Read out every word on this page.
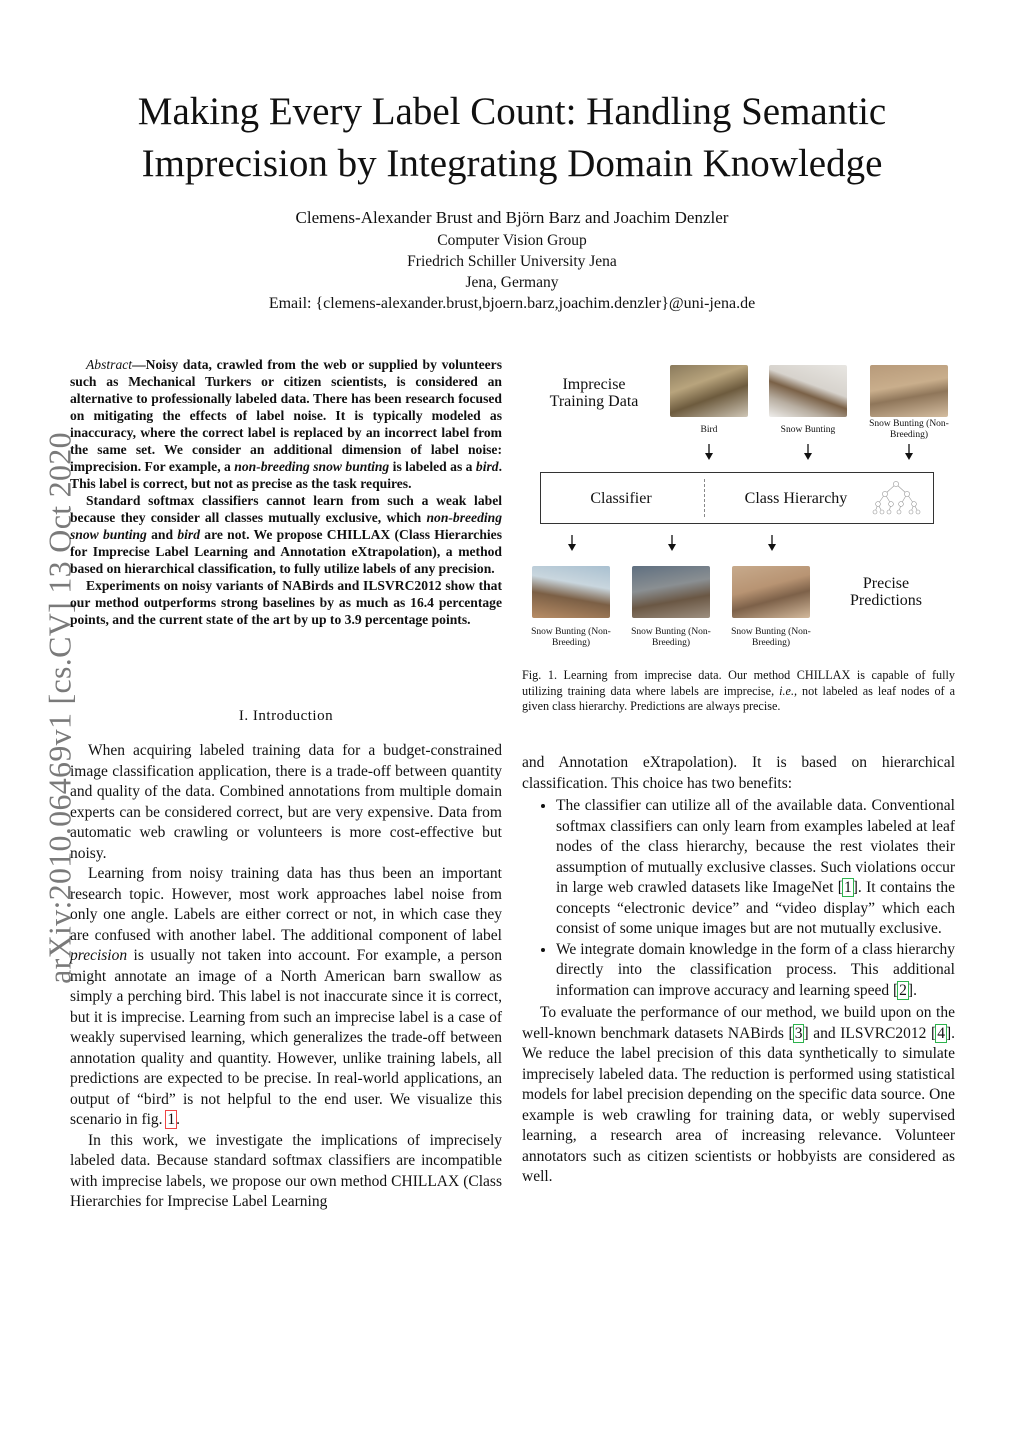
Making Every Label Count: Handling Semantic
Imprecision by Integrating Domain Knowledge
Clemens-Alexander Brust and Björn Barz and Joachim Denzler
Computer Vision Group
Friedrich Schiller University Jena
Jena, Germany
Email: {clemens-alexander.brust,bjoern.barz,joachim.denzler}@uni-jena.de
arXiv:2010.06469v1 [cs.CV] 13 Oct 2020

Abstract—Noisy data, crawled from the web or supplied by volunteers such as Mechanical Turkers or citizen scientists, is considered an alternative to professionally labeled data. There has been research focused on mitigating the effects of label noise. It is typically modeled as inaccuracy, where the correct label is replaced by an incorrect label from the same set. We consider an additional dimension of label noise: imprecision. For example, a non-breeding snow bunting is labeled as a bird. This label is correct, but not as precise as the task requires.

Standard softmax classifiers cannot learn from such a weak label because they consider all classes mutually exclusive, which non-breeding snow bunting and bird are not. We propose CHILLAX (Class Hierarchies for Imprecise Label Learning and Annotation eXtrapolation), a method based on hierarchical classification, to fully utilize labels of any precision.

Experiments on noisy variants of NABirds and ILSVRC2012 show that our method outperforms strong baselines by as much as 16.4 percentage points, and the current state of the art by up to 3.9 percentage points.

I. Introduction

When acquiring labeled training data for a budget-constrained image classification application, there is a trade-off between quantity and quality of the data. Combined annotations from multiple domain experts can be considered correct, but are very expensive. Data from automatic web crawling or volunteers is more cost-effective but noisy.

Learning from noisy training data has thus been an important research topic. However, most work approaches label noise from only one angle. Labels are either correct or not, in which case they are confused with another label. The additional component of label precision is usually not taken into account. For example, a person might annotate an image of a North American barn swallow as simply a perching bird. This label is not inaccurate since it is correct, but it is imprecise. Learning from such an imprecise label is a case of weakly supervised learning, which generalizes the trade-off between annotation quality and quantity. However, unlike training labels, all predictions are expected to be precise. In real-world applications, an output of “bird” is not helpful to the end user. We visualize this scenario in fig. 1.

In this work, we investigate the implications of imprecisely labeled data. Because standard softmax classifiers are incompatible with imprecise labels, we propose our own method CHILLAX (Class Hierarchies for Imprecise Label Learning

Imprecise Training Data
Bird	Snow Bunting
Snow Bunting (Non-Breeding)
Classifier	Class Hierarchy
Snow Bunting (Non-Breeding)
Snow Bunting (Non-Breeding)
Snow Bunting (Non-Breeding)
Precise Predictions
Fig. 1. Learning from imprecise data. Our method CHILLAX is capable of fully utilizing training data where labels are imprecise, i.e., not labeled as leaf nodes of a given class hierarchy. Predictions are always precise.

and Annotation eXtrapolation). It is based on hierarchical classification. This choice has two benefits:

• The classifier can utilize all of the available data. Conventional softmax classifiers can only learn from examples labeled at leaf nodes of the class hierarchy, because the rest violates their assumption of mutually exclusive classes. Such violations occur in large web crawled datasets like ImageNet [1]. It contains the concepts “electronic device” and “video display” which each consist of some unique images but are not mutually exclusive.
• We integrate domain knowledge in the form of a class hierarchy directly into the classification process. This additional information can improve accuracy and learning speed [2].

To evaluate the performance of our method, we build upon on the well-known benchmark datasets NABirds [3] and ILSVRC2012 [4]. We reduce the label precision of this data synthetically to simulate imprecisely labeled data. The reduction is performed using statistical models for label precision depending on the specific data source. One example is web crawling for training data, or webly supervised learning, a research area of increasing relevance. Volunteer annotators such as citizen scientists or hobbyists are considered as well.
